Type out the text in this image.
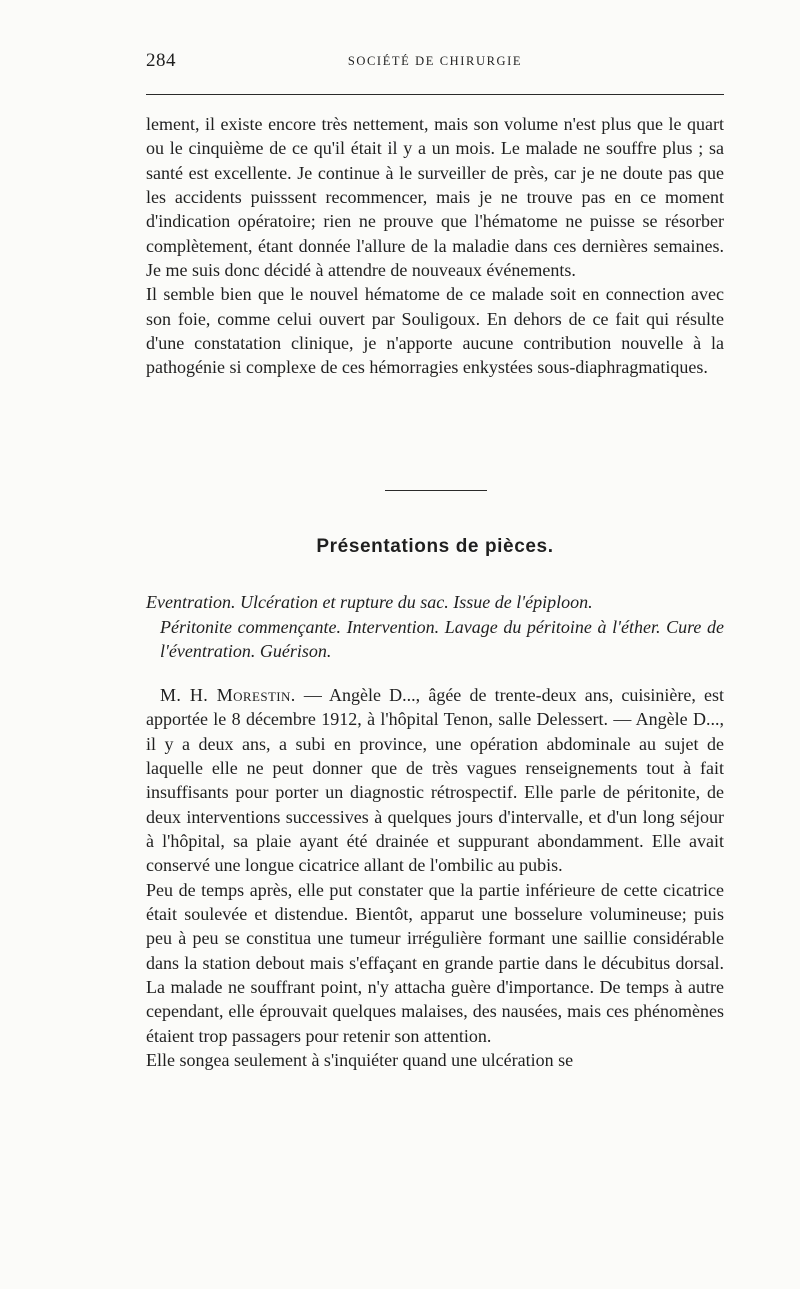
284	SOCIÉTÉ DE CHIRURGIE

lement, il existe encore très nettement, mais son volume n'est plus que le quart ou le cinquième de ce qu'il était il y a un mois. Le malade ne souffre plus ; sa santé est excellente. Je continue à le surveiller de près, car je ne doute pas que les accidents puisssent recommencer, mais je ne trouve pas en ce moment d'indication opératoire; rien ne prouve que l'hématome ne puisse se résorber complètement, étant donnée l'allure de la maladie dans ces dernières semaines. Je me suis donc décidé à attendre de nouveaux événements.

Il semble bien que le nouvel hématome de ce malade soit en connection avec son foie, comme celui ouvert par Souligoux. En dehors de ce fait qui résulte d'une constatation clinique, je n'apporte aucune contribution nouvelle à la pathogénie si complexe de ces hémorragies enkystées sous-diaphragmatiques.

Présentations de pièces.
Eventration. Ulcération et rupture du sac. Issue de l'épiploon.
Péritonite commençante. Intervention. Lavage du péritoine à l'éther. Cure de l'éventration. Guérison.

M. H. Morestin. — Angèle D..., âgée de trente-deux ans, cuisinière, est apportée le 8 décembre 1912, à l'hôpital Tenon, salle Delessert. — Angèle D..., il y a deux ans, a subi en province, une opération abdominale au sujet de laquelle elle ne peut donner que de très vagues renseignements tout à fait insuffisants pour porter un diagnostic rétrospectif. Elle parle de péritonite, de deux interventions successives à quelques jours d'intervalle, et d'un long séjour à l'hôpital, sa plaie ayant été drainée et suppurant abondamment. Elle avait conservé une longue cicatrice allant de l'ombilic au pubis.

Peu de temps après, elle put constater que la partie inférieure de cette cicatrice était soulevée et distendue. Bientôt, apparut une bosselure volumineuse; puis peu à peu se constitua une tumeur irrégulière formant une saillie considérable dans la station debout mais s'effaçant en grande partie dans le décubitus dorsal. La malade ne souffrant point, n'y attacha guère d'importance. De temps à autre cependant, elle éprouvait quelques malaises, des nausées, mais ces phénomènes étaient trop passagers pour retenir son attention.

Elle songea seulement à s'inquiéter quand une ulcération se
